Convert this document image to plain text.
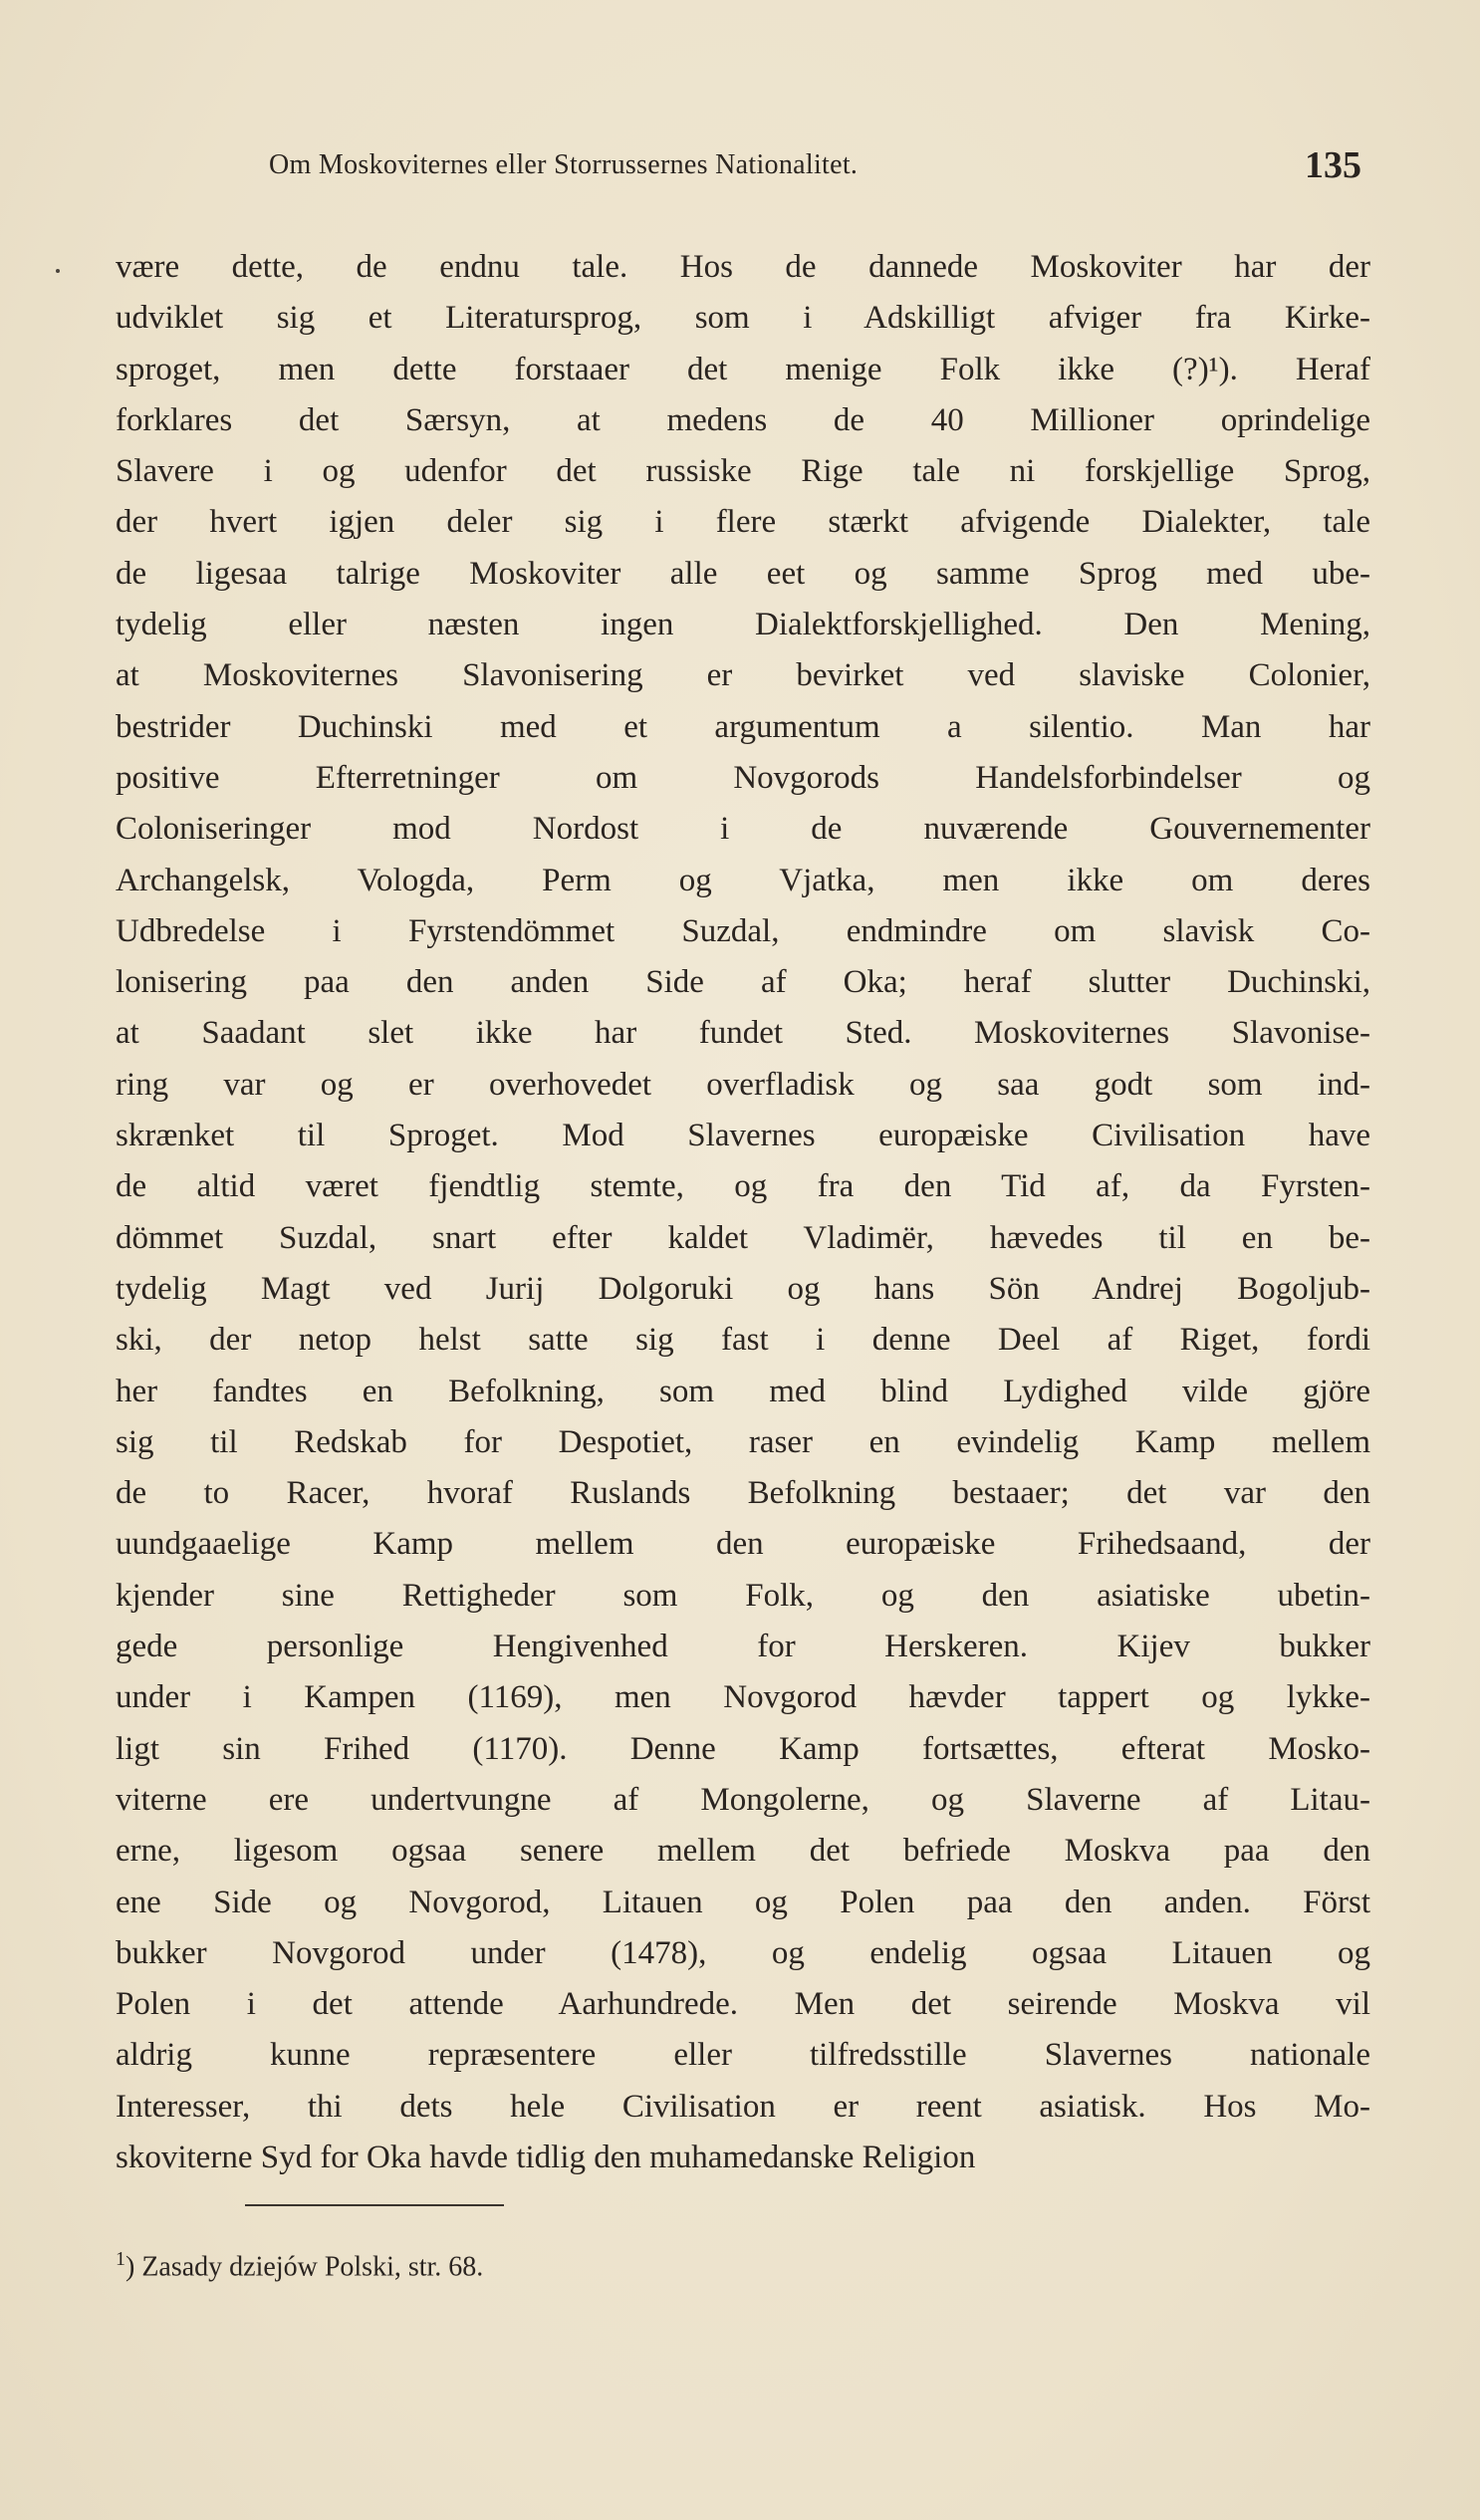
Om Moskoviternes eller Storrussernes Nationalitet.	135
være dette, de endnu tale. Hos de dannede Moskoviter har der
udviklet sig et Literatursprog, som i Adskilligt afviger fra Kirke-
sproget, men dette forstaaer det menige Folk ikke (?)¹). Heraf
forklares det Særsyn, at medens de 40 Millioner oprindelige
Slavere i og udenfor det russiske Rige tale ni forskjellige Sprog,
der hvert igjen deler sig i flere stærkt afvigende Dialekter, tale
de ligesaa talrige Moskoviter alle eet og samme Sprog med ube-
tydelig eller næsten ingen Dialektforskjellighed. Den Mening,
at Moskoviternes Slavonisering er bevirket ved slaviske Colonier,
bestrider Duchinski med et argumentum a silentio. Man har
positive Efterretninger om Novgorods Handelsforbindelser og
Coloniseringer mod Nordost i de nuværende Gouvernementer
Archangelsk, Vologda, Perm og Vjatka, men ikke om deres
Udbredelse i Fyrstendömmet Suzdal, endmindre om slavisk Co-
lonisering paa den anden Side af Oka; heraf slutter Duchinski,
at Saadant slet ikke har fundet Sted. Moskoviternes Slavonise-
ring var og er overhovedet overfladisk og saa godt som ind-
skrænket til Sproget. Mod Slavernes europæiske Civilisation have
de altid været fjendtlig stemte, og fra den Tid af, da Fyrsten-
dömmet Suzdal, snart efter kaldet Vladimër, hævedes til en be-
tydelig Magt ved Jurij Dolgoruki og hans Sön Andrej Bogoljub-
ski, der netop helst satte sig fast i denne Deel af Riget, fordi
her fandtes en Befolkning, som med blind Lydighed vilde gjöre
sig til Redskab for Despotiet, raser en evindelig Kamp mellem
de to Racer, hvoraf Ruslands Befolkning bestaaer; det var den
uundgaaelige Kamp mellem den europæiske Frihedsaand, der
kjender sine Rettigheder som Folk, og den asiatiske ubetin-
gede personlige Hengivenhed for Herskeren. Kijev bukker
under i Kampen (1169), men Novgorod hævder tappert og lykke-
ligt sin Frihed (1170). Denne Kamp fortsættes, efterat Mosko-
viterne ere undertvungne af Mongolerne, og Slaverne af Litau-
erne, ligesom ogsaa senere mellem det befriede Moskva paa den
ene Side og Novgorod, Litauen og Polen paa den anden. Först
bukker Novgorod under (1478), og endelig ogsaa Litauen og
Polen i det attende Aarhundrede. Men det seirende Moskva vil
aldrig kunne repræsentere eller tilfredsstille Slavernes nationale
Interesser, thi dets hele Civilisation er reent asiatisk. Hos Mo-
skoviterne Syd for Oka havde tidlig den muhamedanske Religion
$^1$) Zasady dziejów Polski, str. 68.
